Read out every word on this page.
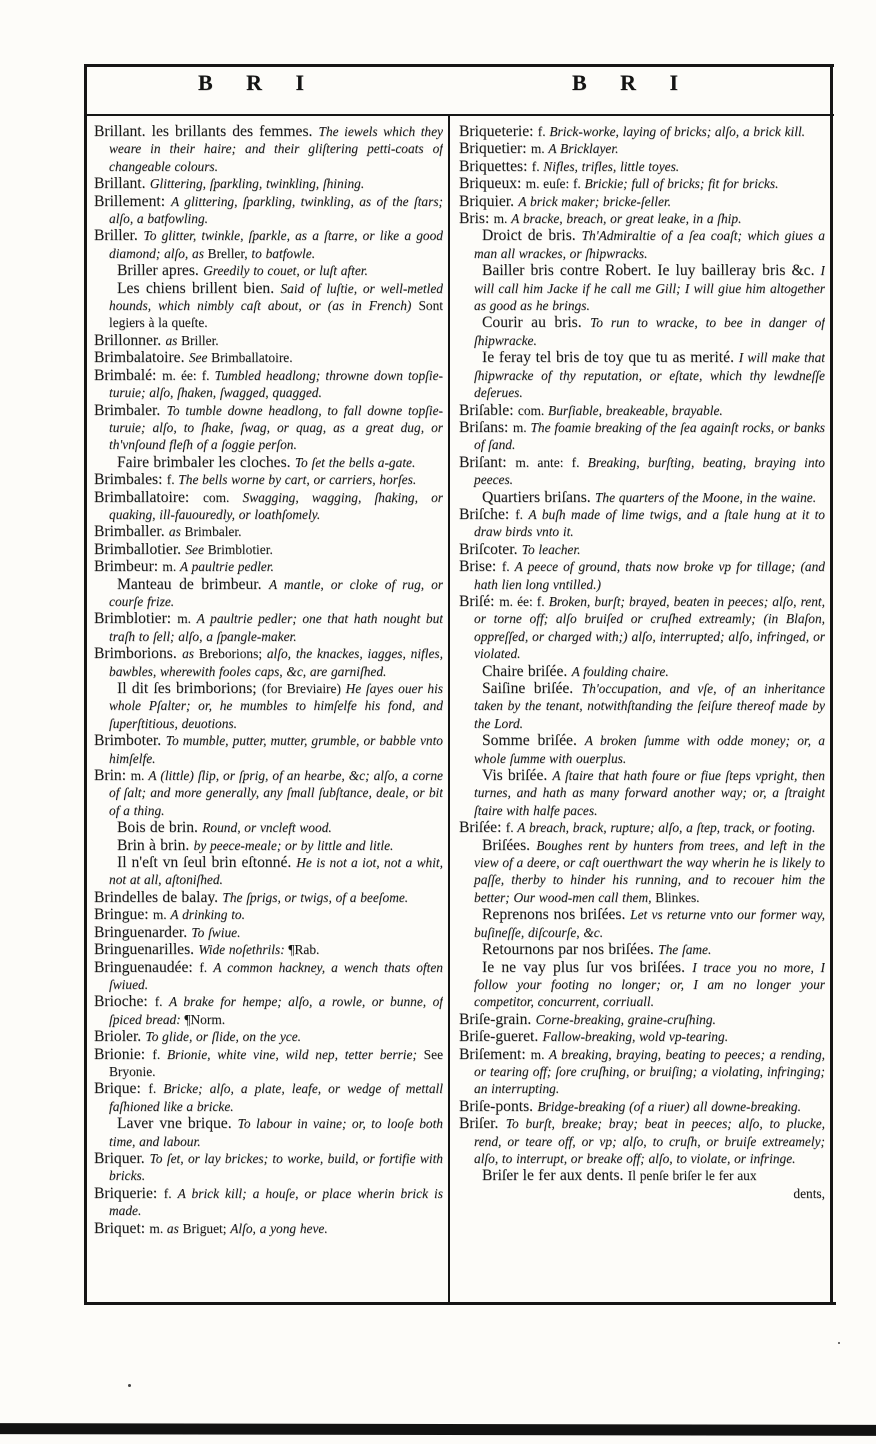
B R I	B R I
Brillant. les brillants des femmes. The iewels which they weare in their haire; and their gliſtering petti-coats of changeable colours.
Brillant. Glittering, ſparkling, twinkling, ſhining.
Brillement: A glittering, ſparkling, twinkling, as of the ſtars; alſo, a batfowling.
Briller. To glitter, twinkle, ſparkle, as a ſtarre, or like a good diamond; alſo, as Breller, to batfowle.
Briller apres. Greedily to couet, or luſt after.
Les chiens brillent bien. Said of luſtie, or well-metled hounds, which nimbly caſt about, or (as in French) Sont legiers à la queſte.
Brillonner. as Briller.
Brimbalatoire. See Brimballatoire.
Brimbalé: m. ée: f. Tumbled headlong; throwne down topſie-turuie; alſo, ſhaken, ſwagged, quagged.
Brimbaler. To tumble downe headlong, to fall downe topſie-turuie; alſo, to ſhake, ſwag, or quag, as a great dug, or th'vnſound fleſh of a ſoggie perſon.
Faire brimbaler les cloches. To ſet the bells a-gate.
Brimbales: f. The bells worne by cart, or carriers, horſes.
Brimballatoire: com. Swagging, wagging, ſhaking, or quaking, ill-fauouredly, or loathſomely.
Brimballer. as Brimbaler.
Brimballotier. See Brimblotier.
Brimbeur: m. A paultrie pedler.
Manteau de brimbeur. A mantle, or cloke of rug, or courſe frize.
Brimblotier: m. A paultrie pedler; one that hath nought but traſh to ſell; alſo, a ſpangle-maker.
Brimborions. as Breborions; alſo, the knackes, iagges, nifles, bawbles, wherewith fooles caps, &c, are garniſhed.
Il dit ſes brimborions; (for Breviaire) He ſayes ouer his whole Pſalter; or, he mumbles to himſelfe his fond, and ſuperſtitious, deuotions.
Brimboter. To mumble, putter, mutter, grumble, or babble vnto himſelfe.
Brin: m. A (little) ſlip, or ſprig, of an hearbe, &c; alſo, a corne of ſalt; and more generally, any ſmall ſubſtance, deale, or bit of a thing.
Bois de brin. Round, or vncleft wood.
Brin à brin. by peece-meale; or by little and litle.
Il n'eſt vn ſeul brin eſtonné. He is not a iot, not a whit, not at all, aſtoniſhed.
Brindelles de balay. The ſprigs, or twigs, of a beeſome.
Bringue: m. A drinking to.
Bringuenarder. To ſwiue.
Bringuenarilles. Wide noſethrils: ¶Rab.
Bringuenaudée: f. A common hackney, a wench thats often ſwiued.
Brioche: f. A brake for hempe; alſo, a rowle, or bunne, of ſpiced bread: ¶Norm.
Brioler. To glide, or ſlide, on the yce.
Brionie: f. Brionie, white vine, wild nep, tetter berrie; See Bryonie.
Brique: f. Bricke; alſo, a plate, leafe, or wedge of mettall faſhioned like a bricke.
Laver vne brique. To labour in vaine; or, to looſe both time, and labour.
Briquer. To ſet, or lay brickes; to worke, build, or fortifie with bricks.
Briquerie: f. A brick kill; a houſe, or place wherin brick is made.
Briquet: m. as Briguet; Alſo, a yong heve.
Briqueterie: f. Brick-worke, laying of bricks; alſo, a brick kill.
Briquetier: m. A Bricklayer.
Briquettes: f. Nifles, trifles, little toyes.
Briqueux: m. euſe: f. Brickie; full of bricks; fit for bricks.
Briquier. A brick maker; bricke-ſeller.
Bris: m. A bracke, breach, or great leake, in a ſhip.
Droict de bris. Th'Admiraltie of a ſea coaſt; which giues a man all wrackes, or ſhipwracks.
Bailler bris contre Robert. Ie luy bailleray bris &c. I will call him Jacke if he call me Gill; I will giue him altogether as good as he brings.
Courir au bris. To run to wracke, to bee in danger of ſhipwracke.
Ie feray tel bris de toy que tu as merité. I will make that ſhipwracke of thy reputation, or eſtate, which thy lewdneſſe deſerues.
Briſable: com. Burſiable, breakeable, brayable.
Briſans: m. The foamie breaking of the ſea againſt rocks, or banks of ſand.
Briſant: m. ante: f. Breaking, burſting, beating, braying into peeces.
Quartiers briſans. The quarters of the Moone, in the waine.
Briſche: f. A buſh made of lime twigs, and a ſtale hung at it to draw birds vnto it.
Briſcoter. To leacher.
Brise: f. A peece of ground, thats now broke vp for tillage; (and hath lien long vntilled.)
Briſé: m. ée: f. Broken, burſt; brayed, beaten in peeces; alſo, rent, or torne off; alſo bruiſed or cruſhed extreamly; (in Blaſon, oppreſſed, or charged with;) alſo, interrupted; alſo, infringed, or violated.
Chaire briſée. A foulding chaire.
Saiſine briſée. Th'occupation, and vſe, of an inheritance taken by the tenant, notwithſtanding the ſeiſure thereof made by the Lord.
Somme briſée. A broken ſumme with odde money; or, a whole ſumme with ouerplus.
Vis briſée. A ſtaire that hath foure or fiue ſteps vpright, then turnes, and hath as many forward another way; or, a ſtraight ſtaire with halfe paces.
Briſée: f. A breach, brack, rupture; alſo, a ſtep, track, or footing.
Briſées. Boughes rent by hunters from trees, and left in the view of a deere, or caſt ouerthwart the way wherin he is likely to paſſe, therby to hinder his running, and to recouer him the better; Our wood-men call them, Blinkes.
Reprenons nos briſées. Let vs returne vnto our former way, buſineſſe, diſcourſe, &c.
Retournons par nos briſées. The ſame.
Ie ne vay plus ſur vos briſées. I trace you no more, I follow your footing no longer; or, I am no longer your competitor, concurrent, corriuall.
Briſe-grain. Corne-breaking, graine-cruſhing.
Briſe-gueret. Fallow-breaking, wold vp-tearing.
Briſement: m. A breaking, braying, beating to peeces; a rending, or tearing off; ſore cruſhing, or bruiſing; a violating, infringing; an interrupting.
Briſe-ponts. Bridge-breaking (of a riuer) all downe-breaking.
Briſer. To burſt, breake; bray; beat in peeces; alſo, to plucke, rend, or teare off, or vp; alſo, to cruſh, or bruiſe extreamely; alſo, to interrupt, or breake off; alſo, to violate, or infringe.
Briſer le fer aux dents. Il penſe briſer le fer aux
dents,
